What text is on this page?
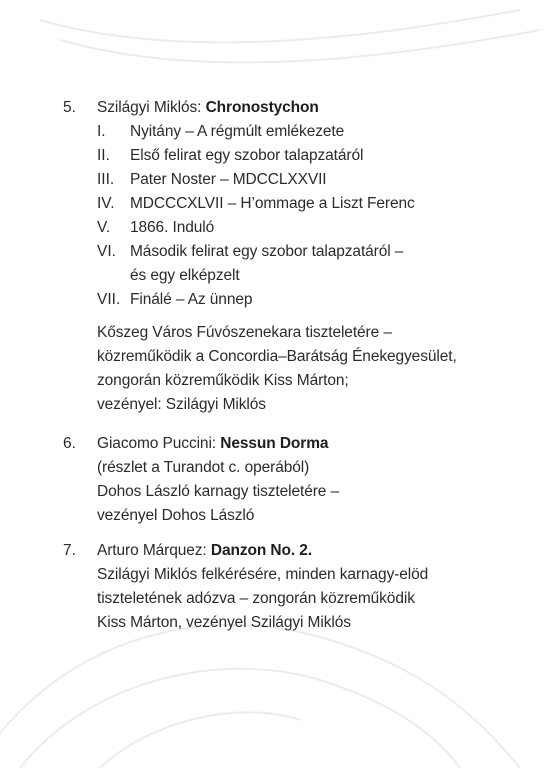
5. Szilágyi Miklós: Chronostychon
I. Nyitány – A régmúlt emlékezete
II. Első felirat egy szobor talapzatáról
III. Pater Noster – MDCCLXXVII
IV. MDCCCXLVII – H’ommage a Liszt Ferenc
V. 1866. Induló
VI. Második felirat egy szobor talapzatáról –
és egy elképzelt
VII. Finálé – Az ünnep
Kőszeg Város Fúvószenekara tiszteletére –
közreműködik a Concordia–Barátság Énekegyesület,
zongorán közreműködik Kiss Márton;
vezényel: Szilágyi Miklós
6. Giacomo Puccini: Nessun Dorma
(részlet a Turandot c. operából)
Dohos László karnagy tiszteletére –
vezényel Dohos László
7. Arturo Márquez: Danzon No. 2.
Szilágyi Miklós felkérésére, minden karnagy-elöd
tiszteletének adózva – zongorán közreműködik
Kiss Márton, vezényel Szilágyi Miklós
